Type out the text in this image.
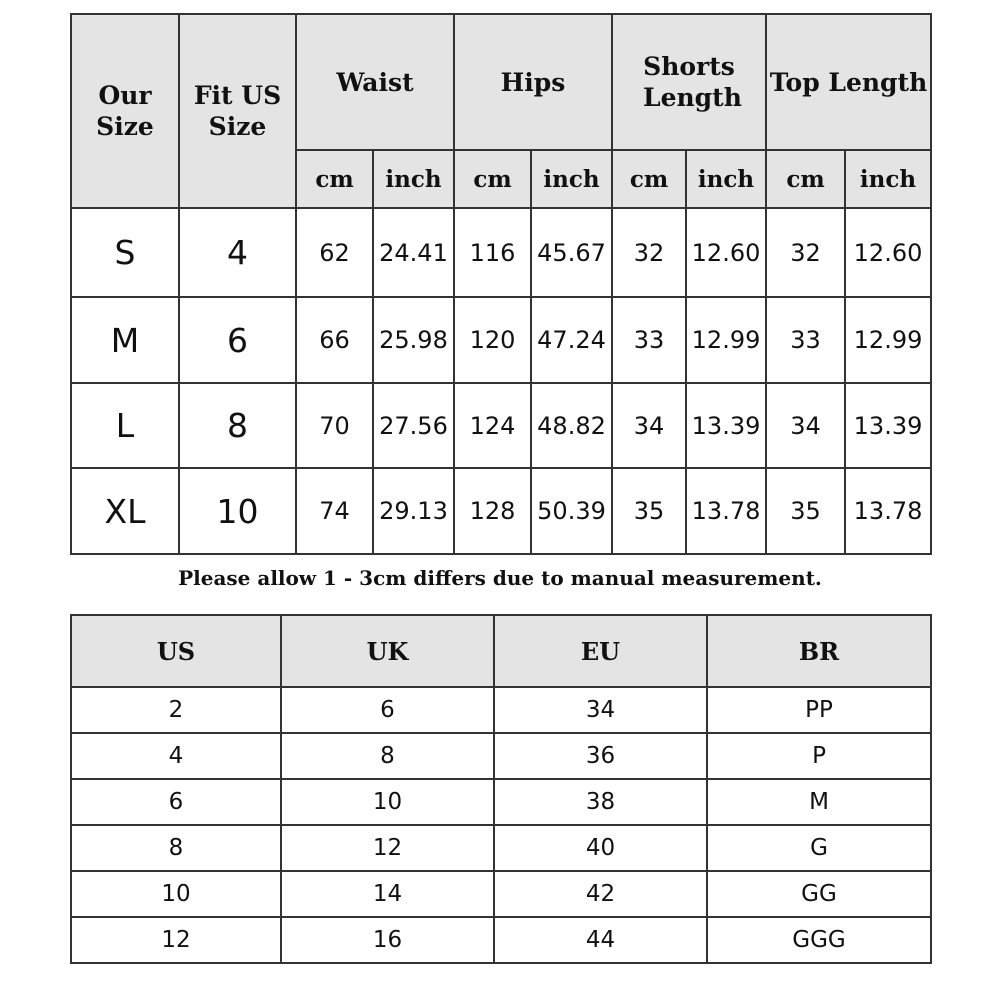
Our Size	Fit US Size	Waist		Hips		Shorts Length		Top Length	
		cm	inch	cm	inch	cm	inch	cm	inch
S	4	62	24.41	116	45.67	32	12.60	32	12.60
M	6	66	25.98	120	47.24	33	12.99	33	12.99
L	8	70	27.56	124	48.82	34	13.39	34	13.39
XL	10	74	29.13	128	50.39	35	13.78	35	13.78
Please allow 1 - 3cm differs due to manual measurement.
US	UK	EU	BR
2	6	34	PP
4	8	36	P
6	10	38	M
8	12	40	G
10	14	42	GG
12	16	44	GGG
